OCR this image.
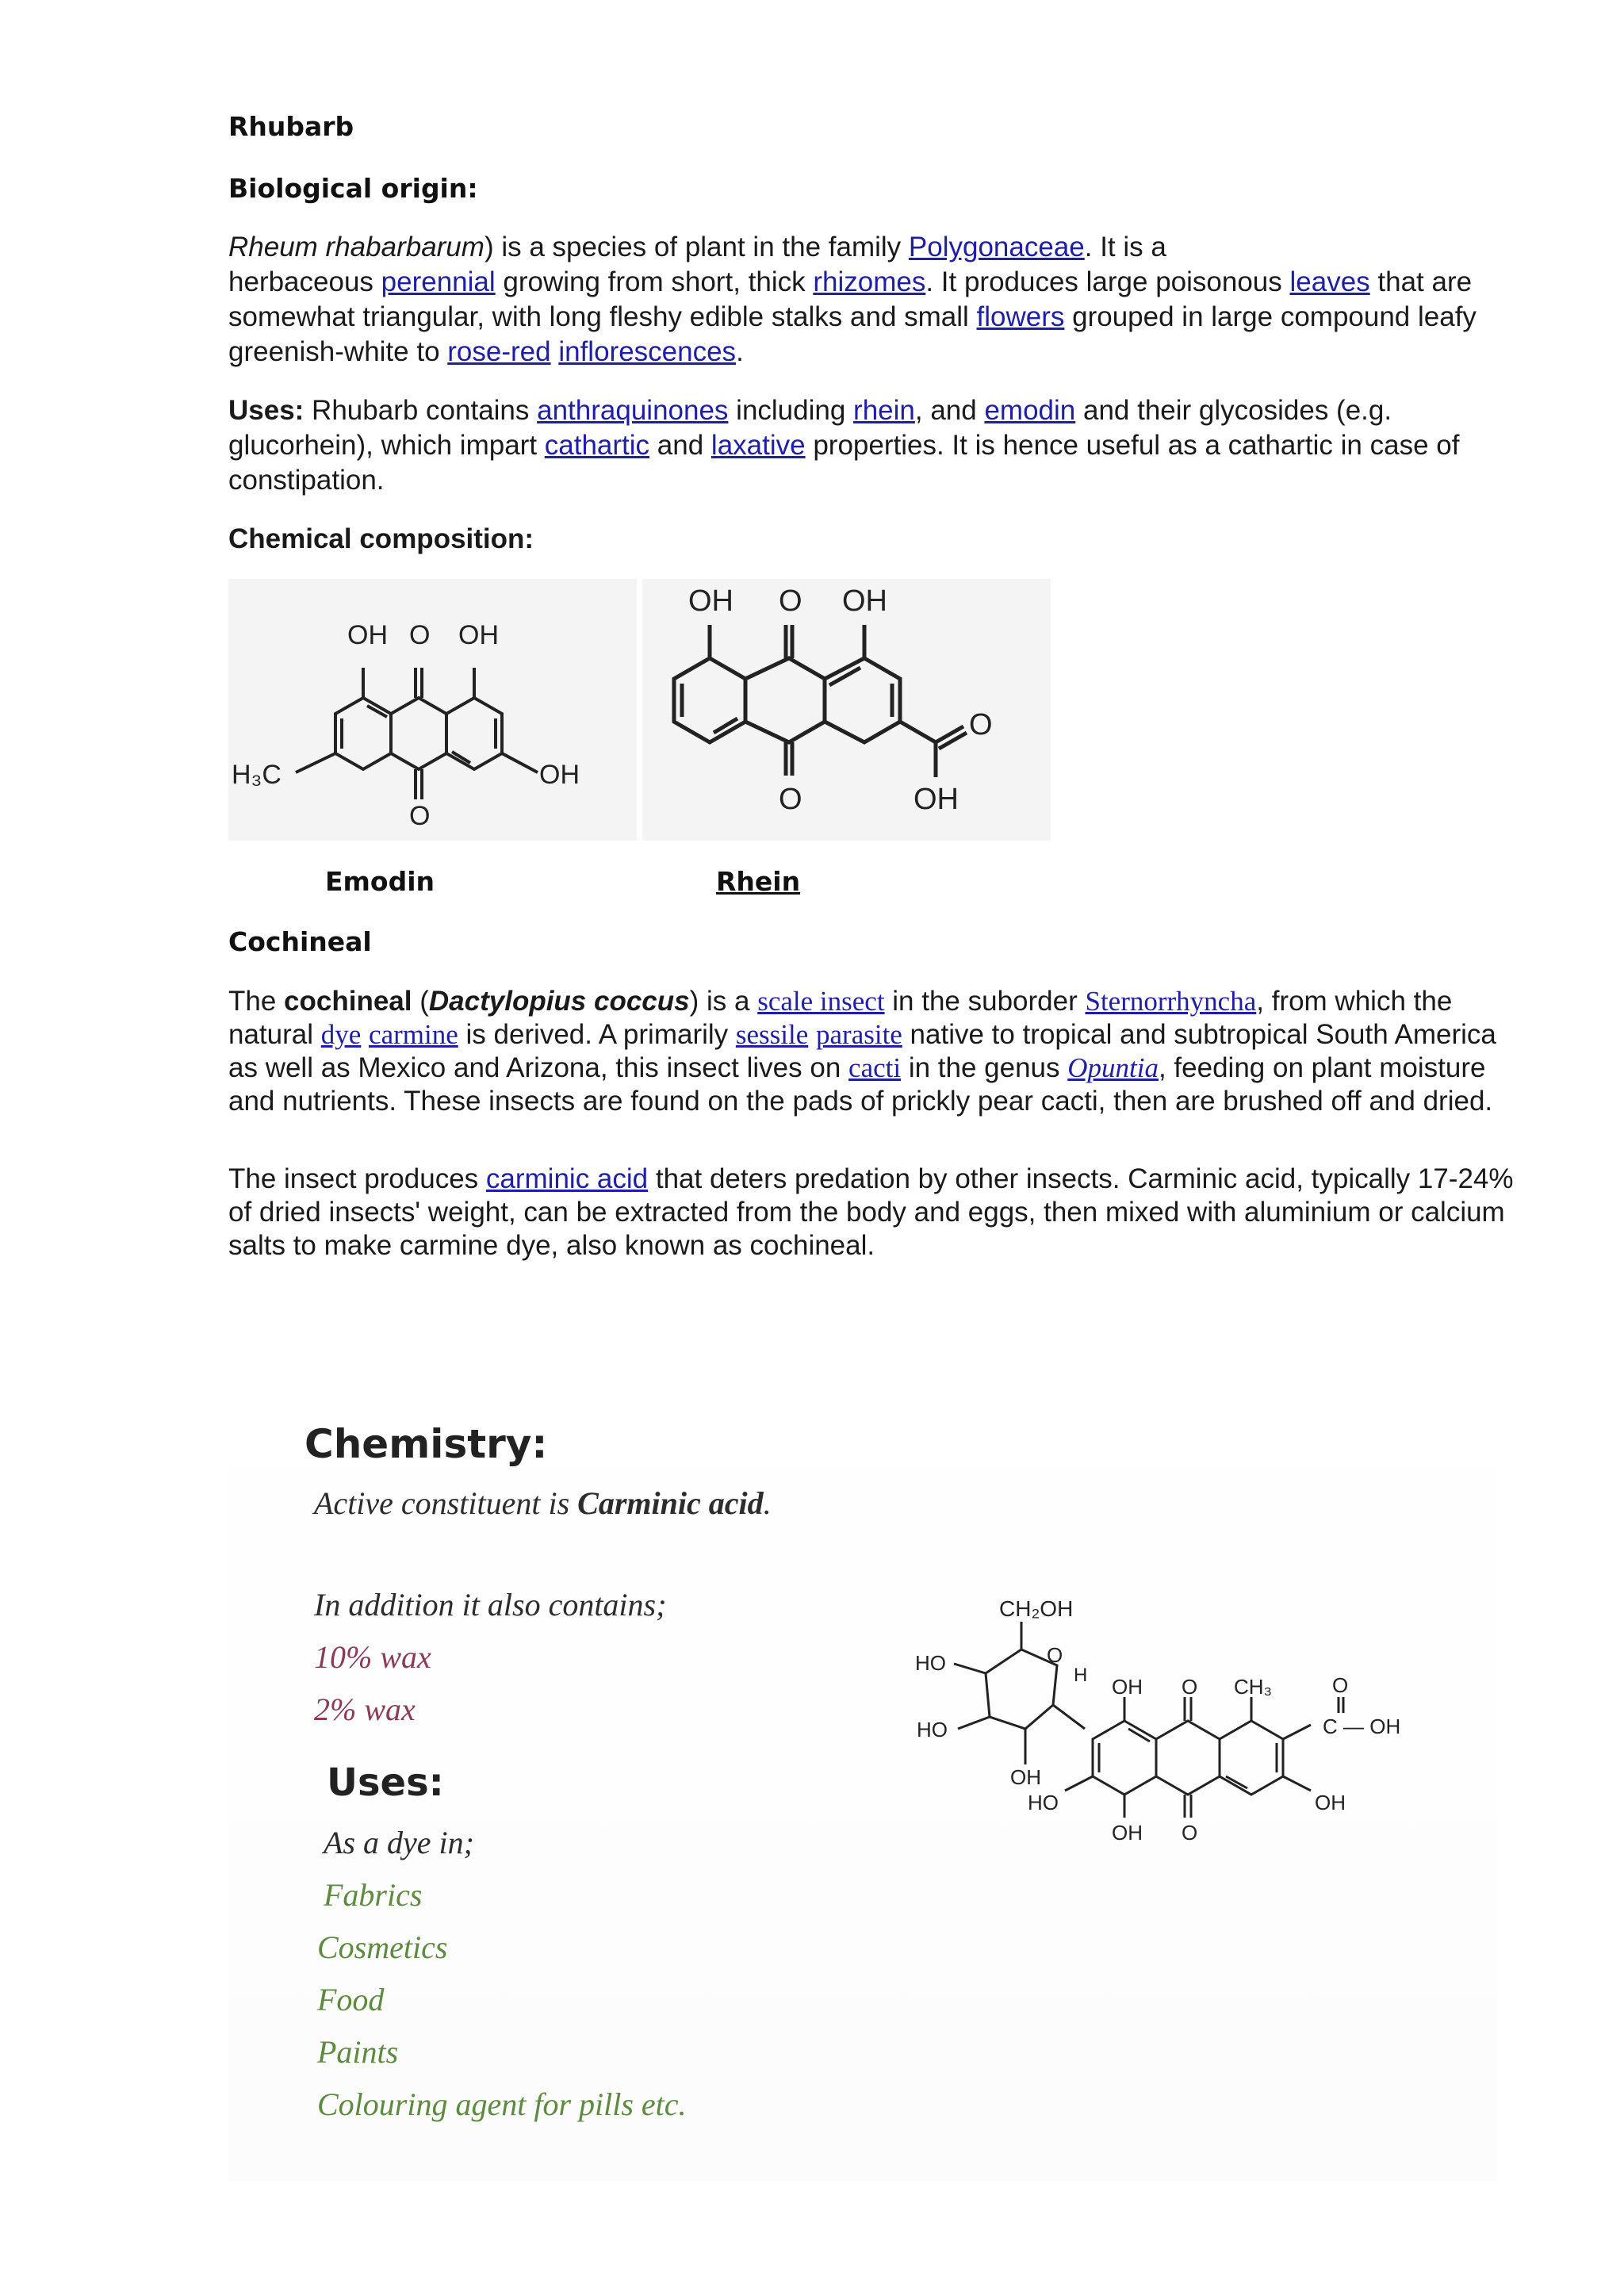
Rhubarb
Biological origin:
Rheum rhabarbarum) is a species of plant in the family Polygonaceae. It is a
herbaceous perennial growing from short, thick rhizomes. It produces large poisonous leaves that are somewhat triangular, with long fleshy edible stalks and small flowers grouped in large compound leafy greenish-white to rose-red inflorescences.
Uses: Rhubarb contains anthraquinones including rhein, and emodin and their glycosides (e.g. glucorhein), which impart cathartic and laxative properties. It is hence useful as a cathartic in case of constipation.
Chemical composition:
OH O OH
H₃C	OH
O
OH O OH
O
O
OH
Emodin	Rhein
Cochineal
The cochineal (Dactylopius coccus) is a scale insect in the suborder Sternorrhyncha, from which the natural dye carmine is derived. A primarily sessile parasite native to tropical and subtropical South America as well as Mexico and Arizona, this insect lives on cacti in the genus Opuntia, feeding on plant moisture and nutrients. These insects are found on the pads of prickly pear cacti, then are brushed off and dried.
The insect produces carminic acid that deters predation by other insects. Carminic acid, typically 17-24% of dried insects' weight, can be extracted from the body and eggs, then mixed with aluminium or calcium salts to make carmine dye, also known as cochineal.
Chemistry:
Active constituent is Carminic acid.
In addition it also contains;
10% wax
2% wax
Uses:
As a dye in;
Fabrics
Cosmetics
Food
Paints
Colouring agent for pills etc.
CH₂OH
HO	O
H
HO
OH
HO
OH O CH₃	O
C — OH
OH
OH O
